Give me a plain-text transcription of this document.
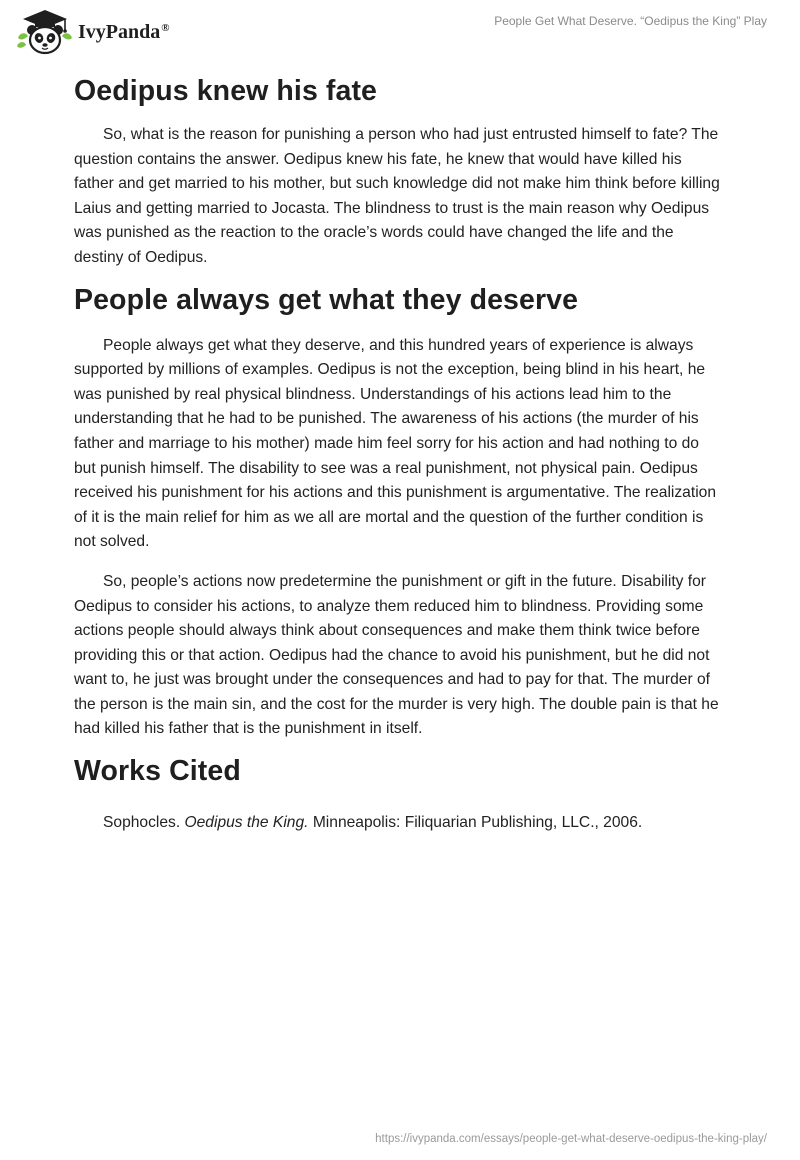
IvyPanda®	People Get What Deserve. “Oedipus the King” Play
Oedipus knew his fate

So, what is the reason for punishing a person who had just entrusted himself to fate? The question contains the answer. Oedipus knew his fate, he knew that would have killed his father and get married to his mother, but such knowledge did not make him think before killing Laius and getting married to Jocasta. The blindness to trust is the main reason why Oedipus was punished as the reaction to the oracle’s words could have changed the life and the destiny of Oedipus.

People always get what they deserve

People always get what they deserve, and this hundred years of experience is always supported by millions of examples. Oedipus is not the exception, being blind in his heart, he was punished by real physical blindness. Understandings of his actions lead him to the understanding that he had to be punished. The awareness of his actions (the murder of his father and marriage to his mother) made him feel sorry for his action and had nothing to do but punish himself. The disability to see was a real punishment, not physical pain. Oedipus received his punishment for his actions and this punishment is argumentative. The realization of it is the main relief for him as we all are mortal and the question of the further condition is not solved.

So, people’s actions now predetermine the punishment or gift in the future. Disability for Oedipus to consider his actions, to analyze them reduced him to blindness. Providing some actions people should always think about consequences and make them think twice before providing this or that action. Oedipus had the chance to avoid his punishment, but he did not want to, he just was brought under the consequences and had to pay for that. The murder of the person is the main sin, and the cost for the murder is very high. The double pain is that he had killed his father that is the punishment in itself.

Works Cited

Sophocles. Oedipus the King. Minneapolis: Filiquarian Publishing, LLC., 2006.

https://ivypanda.com/essays/people-get-what-deserve-oedipus-the-king-play/
